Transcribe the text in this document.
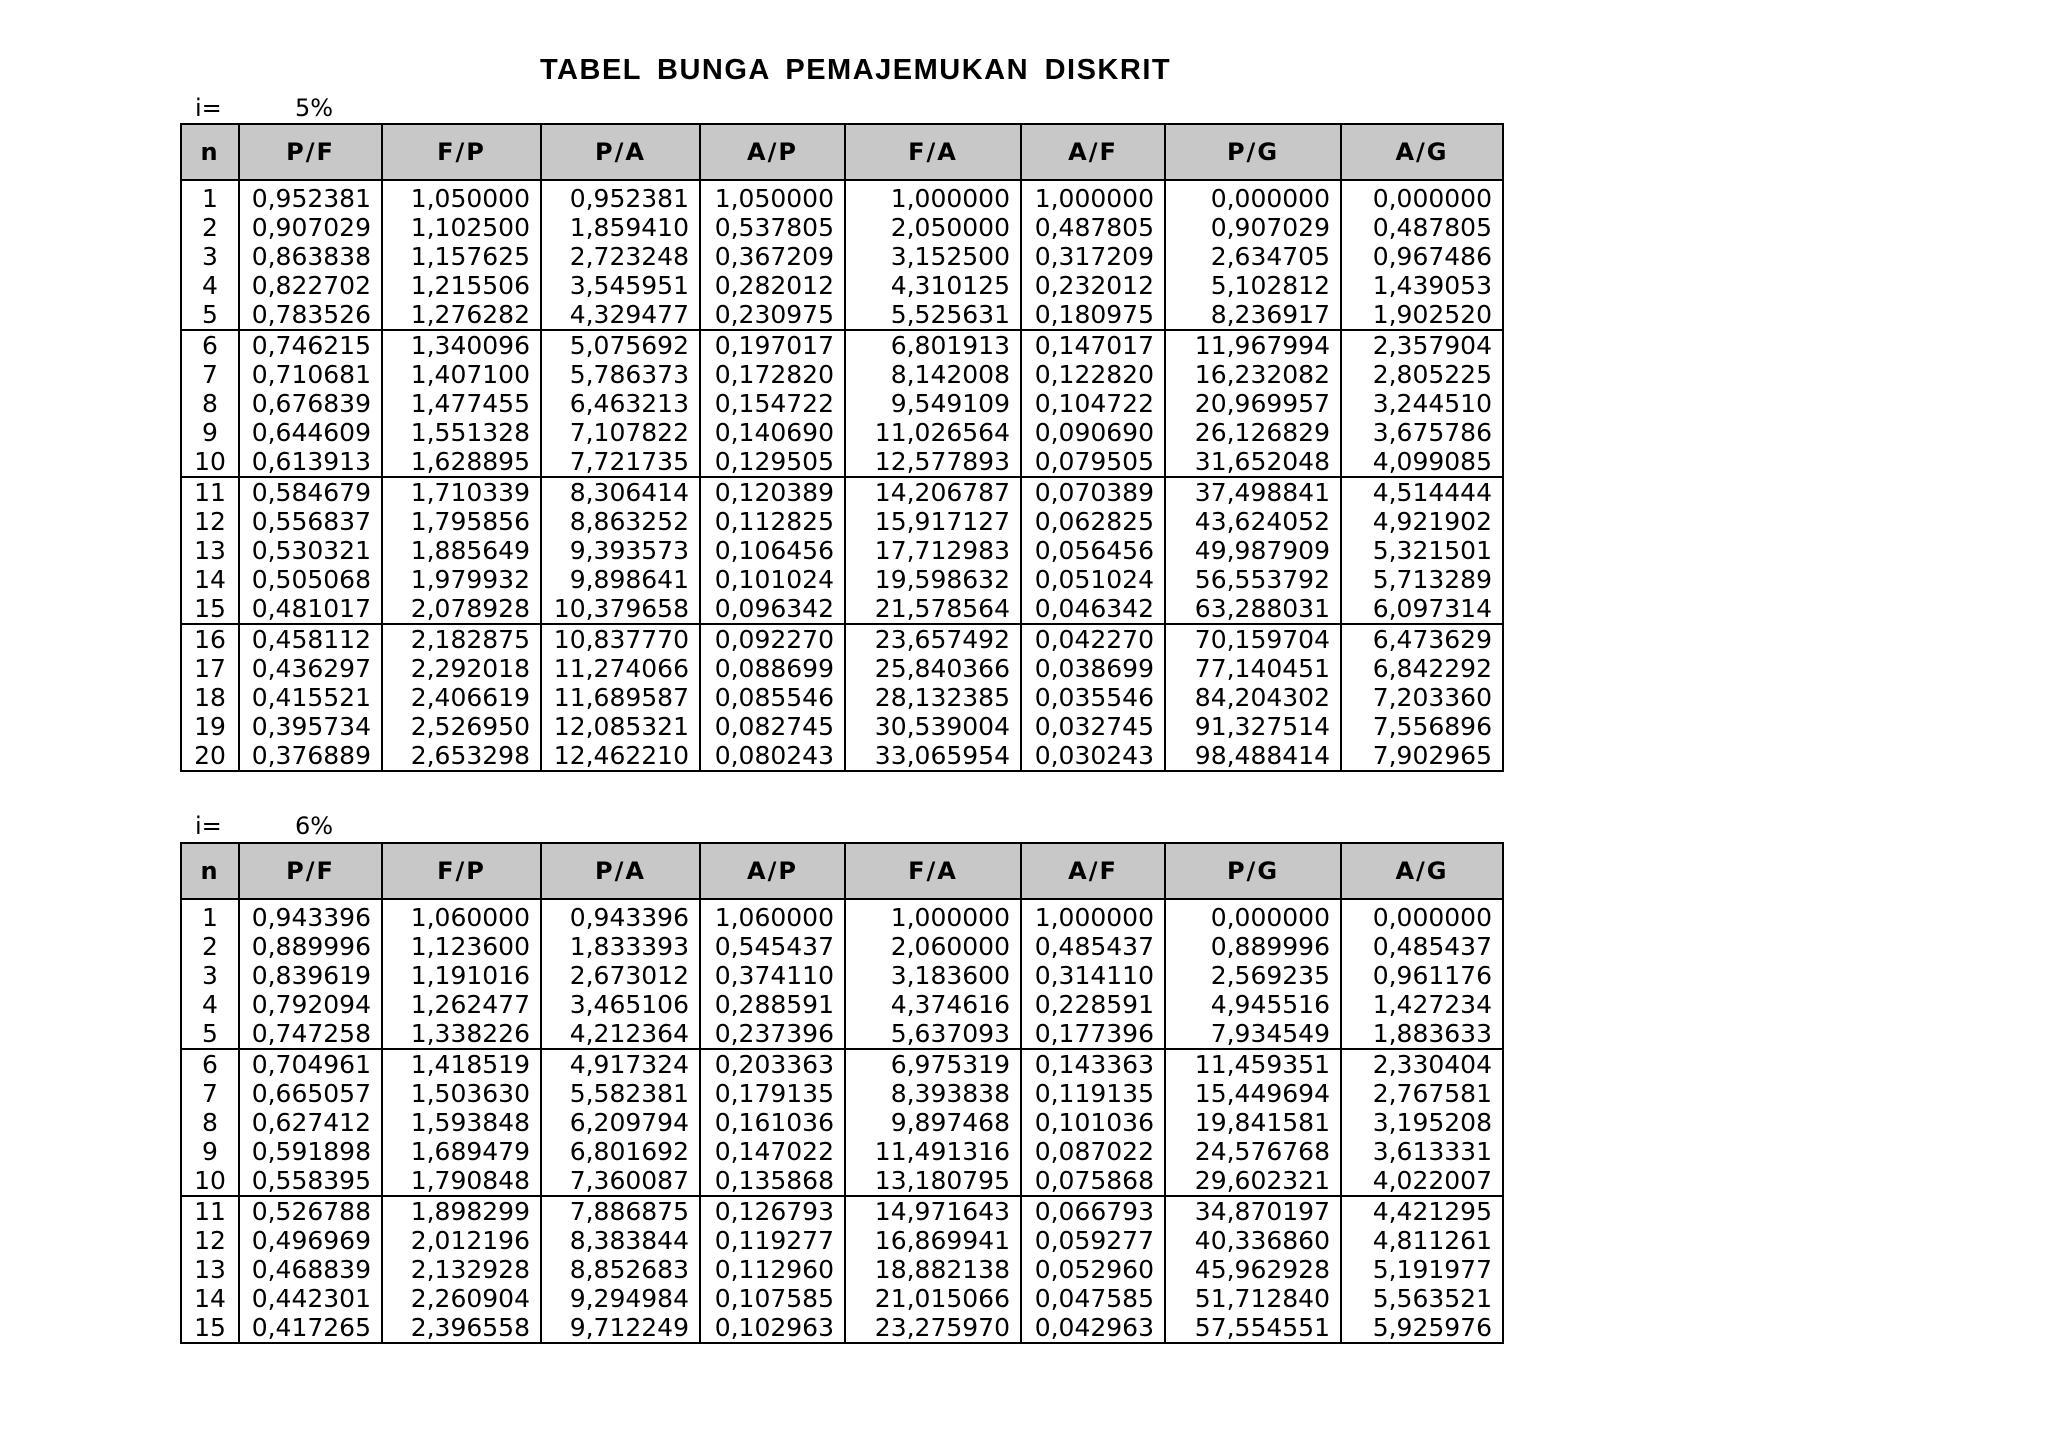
TABEL BUNGA PEMAJEMUKAN DISKRIT
i=	5%
n	P/F	F/P	P/A	A/P	F/A	A/F	P/G	A/G

1	0,952381	1,050000	0,952381	1,050000	1,000000	1,000000	0,000000	0,000000
2	0,907029	1,102500	1,859410	0,537805	2,050000	0,487805	0,907029	0,487805
3	0,863838	1,157625	2,723248	0,367209	3,152500	0,317209	2,634705	0,967486
4	0,822702	1,215506	3,545951	0,282012	4,310125	0,232012	5,102812	1,439053
5	0,783526	1,276282	4,329477	0,230975	5,525631	0,180975	8,236917	1,902520
6	0,746215	1,340096	5,075692	0,197017	6,801913	0,147017	11,967994	2,357904
7	0,710681	1,407100	5,786373	0,172820	8,142008	0,122820	16,232082	2,805225
8	0,676839	1,477455	6,463213	0,154722	9,549109	0,104722	20,969957	3,244510
9	0,644609	1,551328	7,107822	0,140690	11,026564	0,090690	26,126829	3,675786
10	0,613913	1,628895	7,721735	0,129505	12,577893	0,079505	31,652048	4,099085
11	0,584679	1,710339	8,306414	0,120389	14,206787	0,070389	37,498841	4,514444
12	0,556837	1,795856	8,863252	0,112825	15,917127	0,062825	43,624052	4,921902
13	0,530321	1,885649	9,393573	0,106456	17,712983	0,056456	49,987909	5,321501
14	0,505068	1,979932	9,898641	0,101024	19,598632	0,051024	56,553792	5,713289
15	0,481017	2,078928	10,379658	0,096342	21,578564	0,046342	63,288031	6,097314
16	0,458112	2,182875	10,837770	0,092270	23,657492	0,042270	70,159704	6,473629
17	0,436297	2,292018	11,274066	0,088699	25,840366	0,038699	77,140451	6,842292
18	0,415521	2,406619	11,689587	0,085546	28,132385	0,035546	84,204302	7,203360
19	0,395734	2,526950	12,085321	0,082745	30,539004	0,032745	91,327514	7,556896
20	0,376889	2,653298	12,462210	0,080243	33,065954	0,030243	98,488414	7,902965
i=	6%
n	P/F	F/P	P/A	A/P	F/A	A/F	P/G	A/G

1	0,943396	1,060000	0,943396	1,060000	1,000000	1,000000	0,000000	0,000000
2	0,889996	1,123600	1,833393	0,545437	2,060000	0,485437	0,889996	0,485437
3	0,839619	1,191016	2,673012	0,374110	3,183600	0,314110	2,569235	0,961176
4	0,792094	1,262477	3,465106	0,288591	4,374616	0,228591	4,945516	1,427234
5	0,747258	1,338226	4,212364	0,237396	5,637093	0,177396	7,934549	1,883633
6	0,704961	1,418519	4,917324	0,203363	6,975319	0,143363	11,459351	2,330404
7	0,665057	1,503630	5,582381	0,179135	8,393838	0,119135	15,449694	2,767581
8	0,627412	1,593848	6,209794	0,161036	9,897468	0,101036	19,841581	3,195208
9	0,591898	1,689479	6,801692	0,147022	11,491316	0,087022	24,576768	3,613331
10	0,558395	1,790848	7,360087	0,135868	13,180795	0,075868	29,602321	4,022007
11	0,526788	1,898299	7,886875	0,126793	14,971643	0,066793	34,870197	4,421295
12	0,496969	2,012196	8,383844	0,119277	16,869941	0,059277	40,336860	4,811261
13	0,468839	2,132928	8,852683	0,112960	18,882138	0,052960	45,962928	5,191977
14	0,442301	2,260904	9,294984	0,107585	21,015066	0,047585	51,712840	5,563521
15	0,417265	2,396558	9,712249	0,102963	23,275970	0,042963	57,554551	5,925976
